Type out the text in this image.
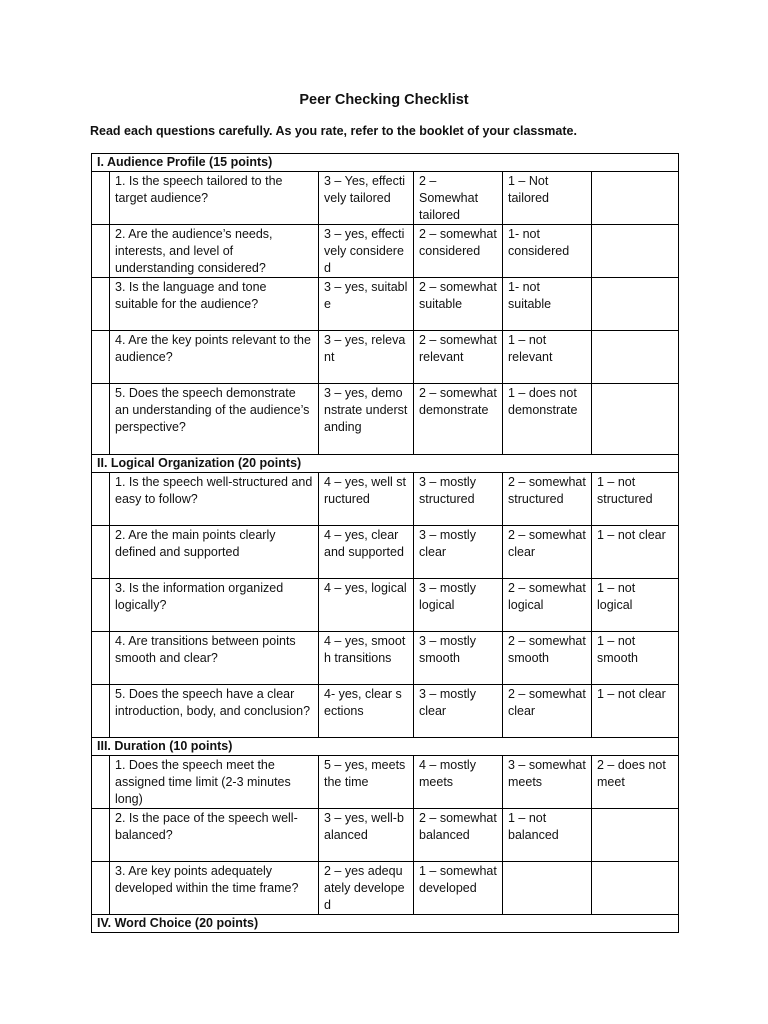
Peer Checking Checklist
Read each questions carefully. As you rate, refer to the booklet of your classmate.
I. Audience Profile (15 points)					
	1. Is the speech tailored to the target audience?	3 – Yes, effectively tailored	2 – Somewhat tailored	1 – Not tailored	
	2. Are the audience’s needs, interests, and level of understanding considered?	3 – yes, effectively considered	2 – somewhat considered	1- not considered	
	3. Is the language and tone suitable for the audience?	3 – yes, suitable	2 – somewhat suitable	1- not suitable	
	4. Are the key points relevant to the audience?	3 – yes, relevant	2 – somewhat relevant	1 – not relevant	
	5. Does the speech demonstrate an understanding of the audience’s perspective?	3 – yes, demonstrate understanding	2 – somewhat demonstrate	1 – does not demonstrate	
II. Logical Organization (20 points)					
	1. Is the speech well-structured and easy to follow?	4 – yes, well structured	3 – mostly structured	2 – somewhat structured	1 – not structured
	2. Are the main points clearly defined and supported	4 – yes, clear and supported	3 – mostly clear	2 – somewhat clear	1 – not clear
	3. Is the information organized logically?	4 – yes, logical	3 – mostly logical	2 – somewhat logical	1 – not logical
	4. Are transitions between points smooth and clear?	4 – yes, smooth transitions	3 – mostly smooth	2 – somewhat smooth	1 – not smooth
	5. Does the speech have a clear introduction, body, and conclusion?	4- yes, clear sections	3 – mostly clear	2 – somewhat clear	1 – not clear
III. Duration (10 points)					
	1. Does the speech meet the assigned time limit (2-3 minutes long)	5 – yes, meets the time	4 – mostly meets	3 – somewhat meets	2 – does not meet
	2. Is the pace of the speech well-balanced?	3 – yes, well-balanced	2 – somewhat balanced	1 – not balanced	
	3. Are key points adequately developed within the time frame?	2 – yes adequately developed	1 – somewhat developed		
IV. Word Choice (20 points)					
